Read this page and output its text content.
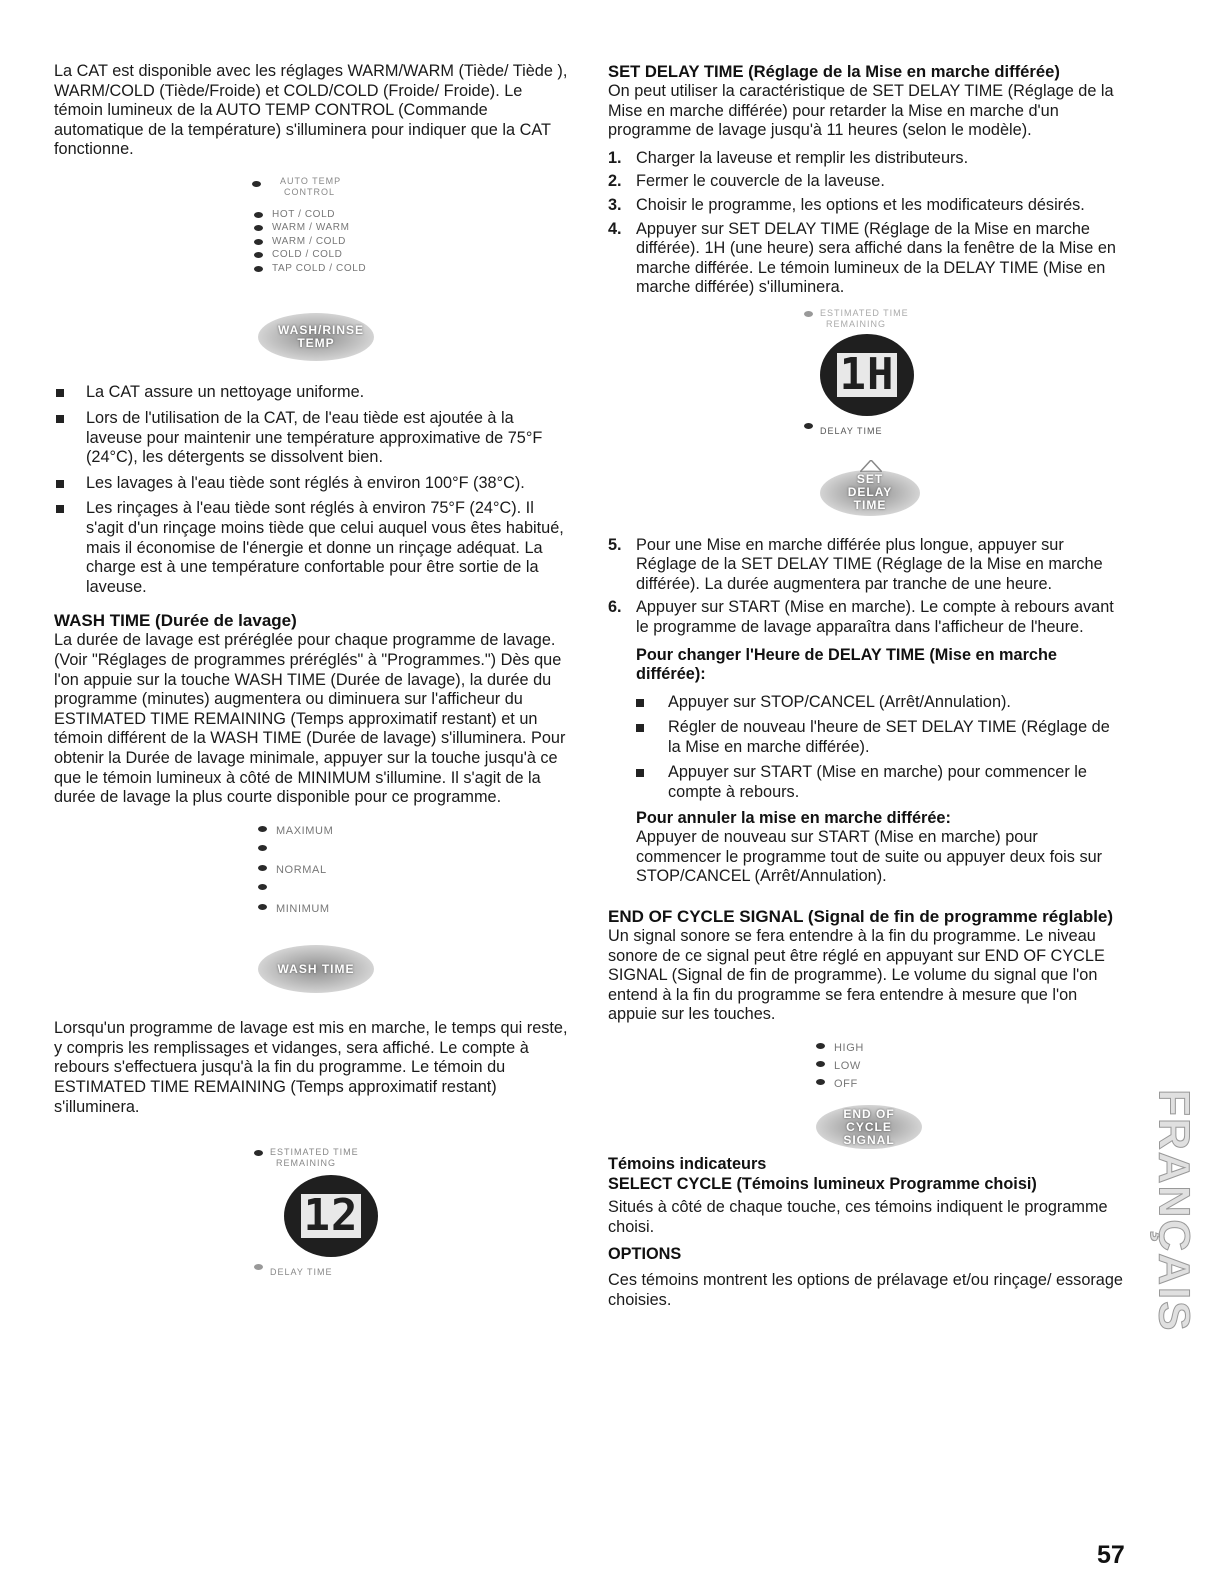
La CAT est disponible avec les réglages WARM/WARM (Tiède/ Tiède ), WARM/COLD (Tiède/Froide) et COLD/COLD (Froide/ Froide). Le témoin lumineux de la AUTO TEMP CONTROL (Commande automatique de la température) s'illuminera pour indiquer que la CAT fonctionne.

AUTO TEMP
CONTROL
HOT / COLD
WARM / WARM
WARM / COLD
COLD / COLD
TAP COLD / COLD
WASH/RINSE TEMP
La CAT assure un nettoyage uniforme.
Lors de l'utilisation de la CAT, de l'eau tiède est ajoutée à la laveuse pour maintenir une température approximative de 75°F (24°C), les détergents se dissolvent bien.
Les lavages à l'eau tiède sont réglés à environ 100°F (38°C).
Les rinçages à l'eau tiède sont réglés à environ 75°F (24°C). Il s'agit d'un rinçage moins tiède que celui auquel vous êtes habitué, mais il économise de l'énergie et donne un rinçage adéquat. La charge est à une température confortable pour être sortie de la laveuse.
WASH TIME (Durée de lavage)

La durée de lavage est préréglée pour chaque programme de lavage. (Voir "Réglages de programmes préréglés" à "Programmes.") Dès que l'on appuie sur la touche WASH TIME (Durée de lavage), la durée du programme (minutes) augmentera ou diminuera sur l'afficheur du ESTIMATED TIME REMAINING (Temps approximatif restant) et un témoin différent de la WASH TIME (Durée de lavage) s'illuminera. Pour obtenir la Durée de lavage minimale, appuyer sur la touche jusqu'à ce que le témoin lumineux à côté de MINIMUM s'illumine. Il s'agit de la durée de lavage la plus courte disponible pour ce programme.

MAXIMUM
NORMAL
MINIMUM
WASH TIME

Lorsqu'un programme de lavage est mis en marche, le temps qui reste, y compris les remplissages et vidanges, sera affiché. Le compte à rebours s'effectuera jusqu'à la fin du programme. Le témoin du ESTIMATED TIME REMAINING (Temps approximatif restant) s'illuminera.

ESTIMATED TIME
REMAINING
12
DELAY TIME
SET DELAY TIME (Réglage de la Mise en marche différée)

On peut utiliser la caractéristique de SET DELAY TIME (Réglage de la Mise en marche différée) pour retarder la Mise en marche d'un programme de lavage jusqu'à 11 heures (selon le modèle).

1. Charger la laveuse et remplir les distributeurs.
2. Fermer le couvercle de la laveuse.
3. Choisir le programme, les options et les modificateurs désirés.
4. Appuyer sur SET DELAY TIME (Réglage de la Mise en marche différée). 1H (une heure) sera affiché dans la fenêtre de la Mise en marche différée. Le témoin lumineux de la DELAY TIME (Mise en marche différée) s'illuminera.
ESTIMATED TIME
REMAINING
1H
DELAY TIME
SET DELAY TIME
5. Pour une Mise en marche différée plus longue, appuyer sur Réglage de la SET DELAY TIME (Réglage de la Mise en marche différée). La durée augmentera par tranche de une heure.
6. Appuyer sur START (Mise en marche). Le compte à rebours avant le programme de lavage apparaîtra dans l'afficheur de l'heure.
Pour changer l'Heure de DELAY TIME (Mise en marche différée):
Appuyer sur STOP/CANCEL (Arrêt/Annulation).
Régler de nouveau l'heure de SET DELAY TIME (Réglage de la Mise en marche différée).
Appuyer sur START (Mise en marche) pour commencer le compte à rebours.
Pour annuler la mise en marche différée:

Appuyer de nouveau sur START (Mise en marche) pour commencer le programme tout de suite ou appuyer deux fois sur STOP/CANCEL (Arrêt/Annulation).

END OF CYCLE SIGNAL (Signal de fin de programme réglable)

Un signal sonore se fera entendre à la fin du programme. Le niveau sonore de ce signal peut être réglé en appuyant sur END OF CYCLE SIGNAL (Signal de fin de programme). Le volume du signal que l'on entend à la fin du programme se fera entendre à mesure que l'on appuie sur les touches.

HIGH
LOW
OFF
END OF CYCLE SIGNAL
Témoins indicateurs
SELECT CYCLE (Témoins lumineux Programme choisi)

Situés à côté de chaque touche, ces témoins indiquent le programme choisi.

OPTIONS

Ces témoins montrent les options de prélavage et/ou rinçage/ essorage choisies.	FRANÇAIS
57
